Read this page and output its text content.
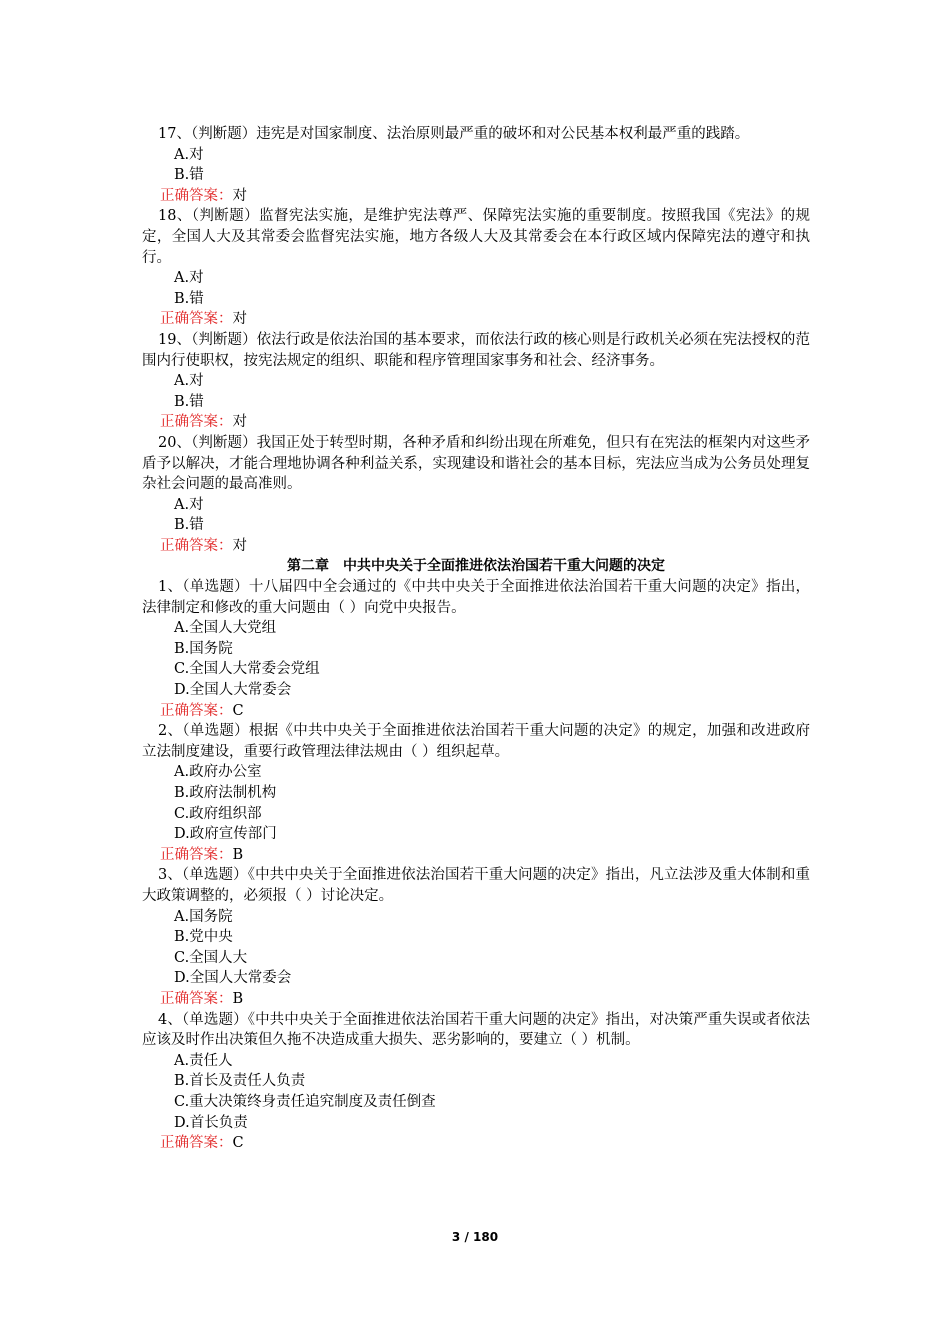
17、（判断题）违宪是对国家制度、法治原则最严重的破坏和对公民基本权利最严重的践踏。

A.对

B.错

正确答案：对

18、（判断题）监督宪法实施，是维护宪法尊严、保障宪法实施的重要制度。按照我国《宪法》的规定，全国人大及其常委会监督宪法实施，地方各级人大及其常委会在本行政区域内保障宪法的遵守和执行。

A.对

B.错

正确答案：对

19、（判断题）依法行政是依法治国的基本要求，而依法行政的核心则是行政机关必须在宪法授权的范围内行使职权，按宪法规定的组织、职能和程序管理国家事务和社会、经济事务。

A.对

B.错

正确答案：对

20、（判断题）我国正处于转型时期，各种矛盾和纠纷出现在所难免，但只有在宪法的框架内对这些矛盾予以解决，才能合理地协调各种利益关系，实现建设和谐社会的基本目标，宪法应当成为公务员处理复杂社会问题的最高准则。

A.对

B.错

正确答案：对

第二章　中共中央关于全面推进依法治国若干重大问题的决定

1、（单选题）十八届四中全会通过的《中共中央关于全面推进依法治国若干重大问题的决定》指出，法律制定和修改的重大问题由（ ）向党中央报告。

A.全国人大党组

B.国务院

C.全国人大常委会党组

D.全国人大常委会

正确答案：C

2、（单选题）根据《中共中央关于全面推进依法治国若干重大问题的决定》的规定，加强和改进政府立法制度建设，重要行政管理法律法规由（ ）组织起草。

A.政府办公室

B.政府法制机构

C.政府组织部

D.政府宣传部门

正确答案：B

3、（单选题）《中共中央关于全面推进依法治国若干重大问题的决定》指出，凡立法涉及重大体制和重大政策调整的，必须报（ ）讨论决定。

A.国务院

B.党中央

C.全国人大

D.全国人大常委会

正确答案：B

4、（单选题）《中共中央关于全面推进依法治国若干重大问题的决定》指出，对决策严重失误或者依法应该及时作出决策但久拖不决造成重大损失、恶劣影响的，要建立（ ）机制。

A.责任人

B.首长及责任人负责

C.重大决策终身责任追究制度及责任倒查

D.首长负责

正确答案：C

3 / 180
